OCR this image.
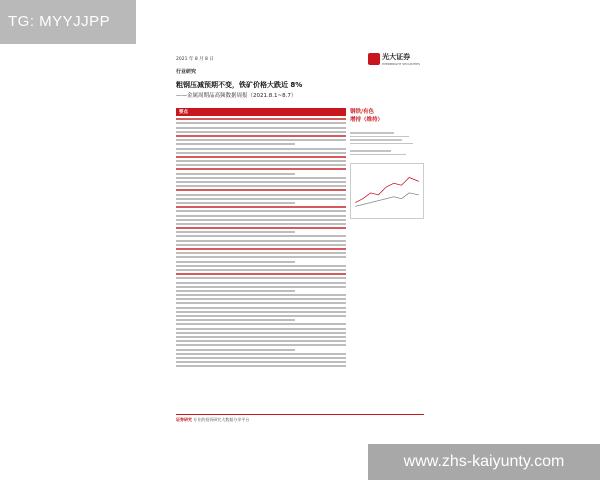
TG: MYYJJPP
2021 年 8 月 8 日	光大证券
EVERBRIGHT SECURITIES
行业研究
粗钢压减预期不变，铁矿价格大跌近 8%
——金属周期品高频数据周报（2021.8.1~8.7）
要点	钢铁/有色
增持（维持）
证券研究 专业的投资研究大数据分享平台
www.zhs-kaiyunty.com
